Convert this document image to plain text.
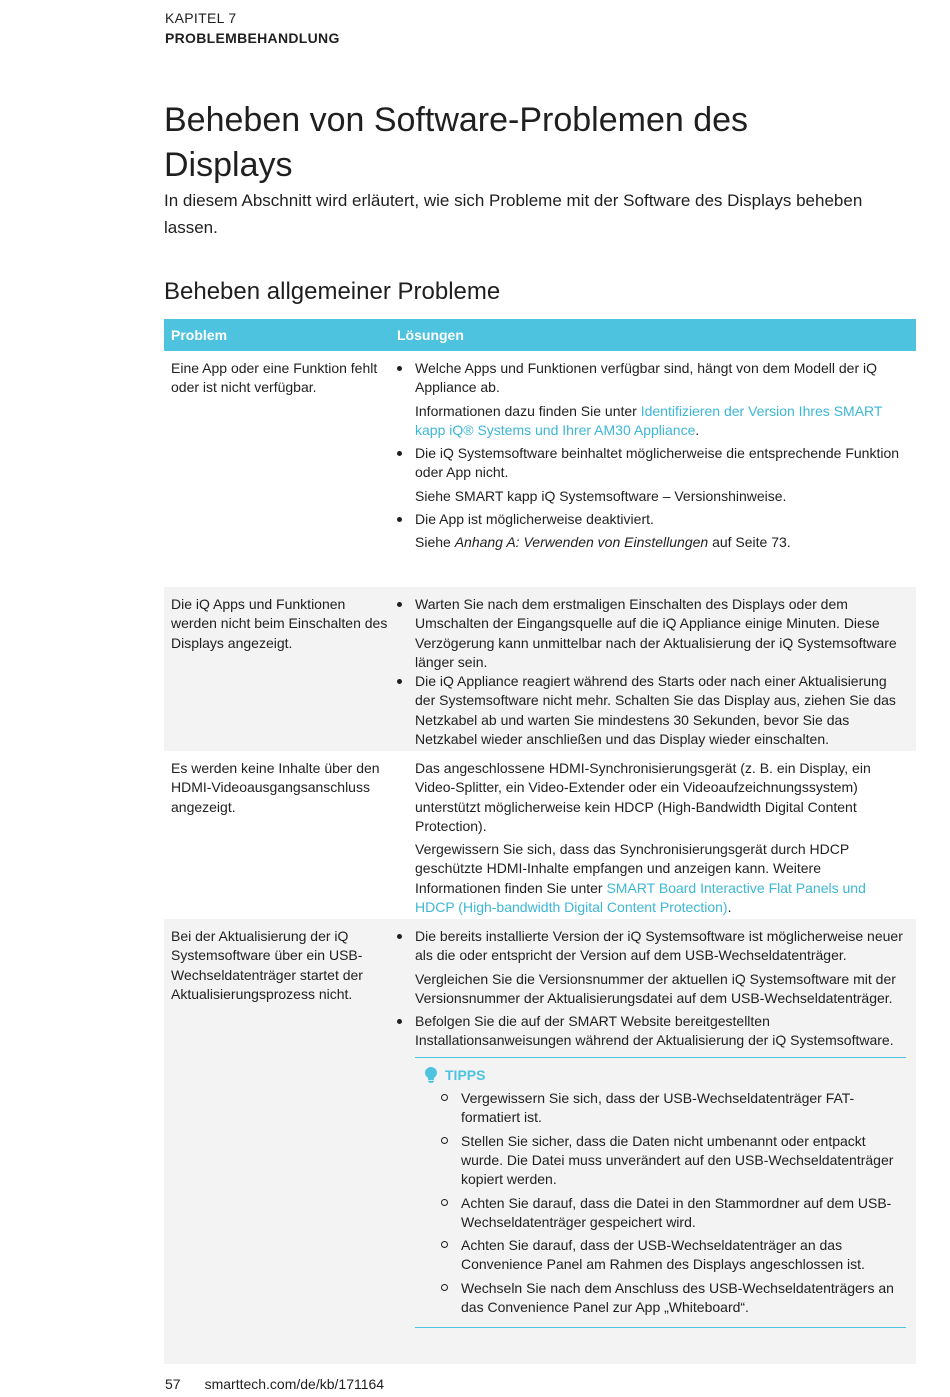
KAPITEL 7
PROBLEMBEHANDLUNG
Beheben von Software-Problemen des Displays

In diesem Abschnitt wird erläutert, wie sich Probleme mit der Software des Displays beheben lassen.

Beheben allgemeiner Probleme
Problem	Lösungen
Eine App oder eine Funktion fehlt oder ist nicht verfügbar.
Welche Apps und Funktionen verfügbar sind, hängt von dem Modell der iQ Appliance ab.
Informationen dazu finden Sie unter Identifizieren der Version Ihres SMART kapp iQ® Systems und Ihrer AM30 Appliance.
Die iQ Systemsoftware beinhaltet möglicherweise die entsprechende Funktion oder App nicht.
Siehe SMART kapp iQ Systemsoftware – Versionshinweise.
Die App ist möglicherweise deaktiviert.
Siehe Anhang A: Verwenden von Einstellungen auf Seite 73.
Die iQ Apps und Funktionen werden nicht beim Einschalten des Displays angezeigt.
Warten Sie nach dem erstmaligen Einschalten des Displays oder dem Umschalten der Eingangsquelle auf die iQ Appliance einige Minuten. Diese Verzögerung kann unmittelbar nach der Aktualisierung der iQ Systemsoftware länger sein.
Die iQ Appliance reagiert während des Starts oder nach einer Aktualisierung der Systemsoftware nicht mehr. Schalten Sie das Display aus, ziehen Sie das Netzkabel ab und warten Sie mindestens 30 Sekunden, bevor Sie das Netzkabel wieder anschließen und das Display wieder einschalten.
Es werden keine Inhalte über den HDMI-Videoausgangsanschluss angezeigt.
Das angeschlossene HDMI-Synchronisierungsgerät (z. B. ein Display, ein Video-Splitter, ein Video-Extender oder ein Videoaufzeichnungssystem) unterstützt möglicherweise kein HDCP (High-Bandwidth Digital Content Protection).
Vergewissern Sie sich, dass das Synchronisierungsgerät durch HDCP geschützte HDMI-Inhalte empfangen und anzeigen kann. Weitere Informationen finden Sie unter SMART Board Interactive Flat Panels und HDCP (High-bandwidth Digital Content Protection).
Bei der Aktualisierung der iQ Systemsoftware über ein USB-Wechseldatenträger startet der Aktualisierungsprozess nicht.
Die bereits installierte Version der iQ Systemsoftware ist möglicherweise neuer als die oder entspricht der Version auf dem USB-Wechseldatenträger.
Vergleichen Sie die Versionsnummer der aktuellen iQ Systemsoftware mit der Versionsnummer der Aktualisierungsdatei auf dem USB-Wechseldatenträger.
Befolgen Sie die auf der SMART Website bereitgestellten Installationsanweisungen während der Aktualisierung der iQ Systemsoftware.
TIPPS
Vergewissern Sie sich, dass der USB-Wechseldatenträger FAT-formatiert ist.
Stellen Sie sicher, dass die Daten nicht umbenannt oder entpackt wurde. Die Datei muss unverändert auf den USB-Wechseldatenträger kopiert werden.
Achten Sie darauf, dass die Datei in den Stammordner auf dem USB-Wechseldatenträger gespeichert wird.
Achten Sie darauf, dass der USB-Wechseldatenträger an das Convenience Panel am Rahmen des Displays angeschlossen ist.
Wechseln Sie nach dem Anschluss des USB-Wechseldatenträgers an das Convenience Panel zur App „Whiteboard“.
57 smarttech.com/de/kb/171164
